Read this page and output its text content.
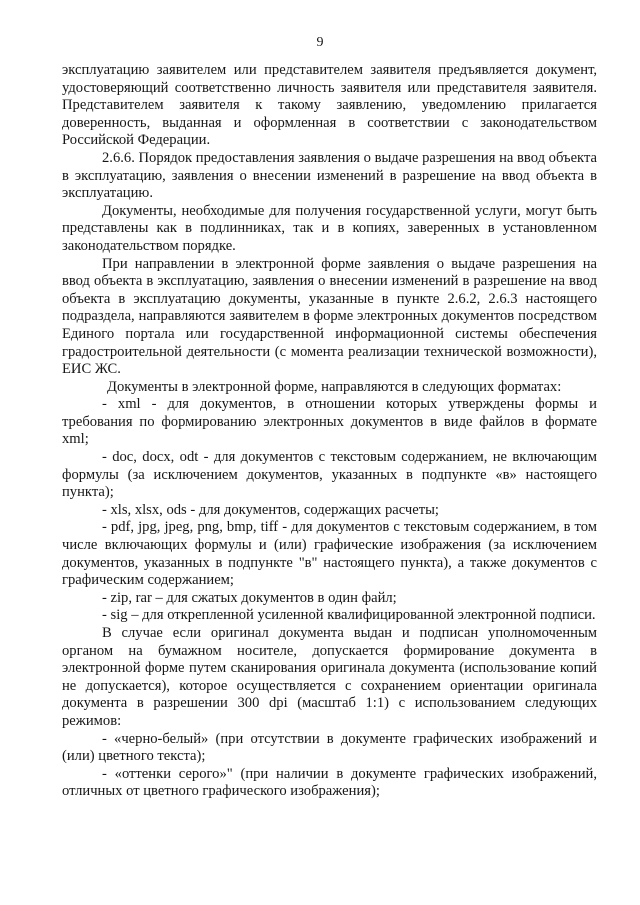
9

эксплуатацию заявителем или представителем заявителя предъявляется документ, удостоверяющий соответственно личность заявителя или представителя заявителя. Представителем заявителя к такому заявлению, уведомлению прилагается доверенность, выданная и оформленная в соответствии с законодательством Российской Федерации.

2.6.6. Порядок предоставления заявления о выдаче разрешения на ввод объекта в эксплуатацию, заявления о внесении изменений в разрешение на ввод объекта в эксплуатацию.

Документы, необходимые для получения государственной услуги, могут быть представлены как в подлинниках, так и в копиях, заверенных в установленном законодательством порядке.

При направлении в электронной форме заявления о выдаче разрешения на ввод объекта в эксплуатацию, заявления о внесении изменений в разрешение на ввод объекта в эксплуатацию документы, указанные в пункте 2.6.2, 2.6.3 настоящего подраздела, направляются заявителем в форме электронных документов посредством Единого портала или государственной информационной системы обеспечения градостроительной деятельности (с момента реализации технической возможности), ЕИС ЖС.

Документы в электронной форме, направляются в следующих форматах:

- xml - для документов, в отношении которых утверждены формы и требования по формированию электронных документов в виде файлов в формате xml;

- doc, docx, odt - для документов с текстовым содержанием, не включающим формулы (за исключением документов, указанных в подпункте «в» настоящего пункта);

- xls, xlsx, ods - для документов, содержащих расчеты;

- pdf, jpg, jpeg, png, bmp, tiff - для документов с текстовым содержанием, в том числе включающих формулы и (или) графические изображения (за исключением документов, указанных в подпункте "в" настоящего пункта), а также документов с графическим содержанием;

- zip, rar – для сжатых документов в один файл;

- sig – для открепленной усиленной квалифицированной электронной подписи.

В случае если оригинал документа выдан и подписан уполномоченным органом на бумажном носителе, допускается формирование документа в электронной форме путем сканирования оригинала документа (использование копий не допускается), которое осуществляется с сохранением ориентации оригинала документа в разрешении 300 dpi (масштаб 1:1) с использованием следующих режимов:

- «черно-белый» (при отсутствии в документе графических изображений и (или) цветного текста);

- «оттенки серого»" (при наличии в документе графических изображений, отличных от цветного графического изображения);
